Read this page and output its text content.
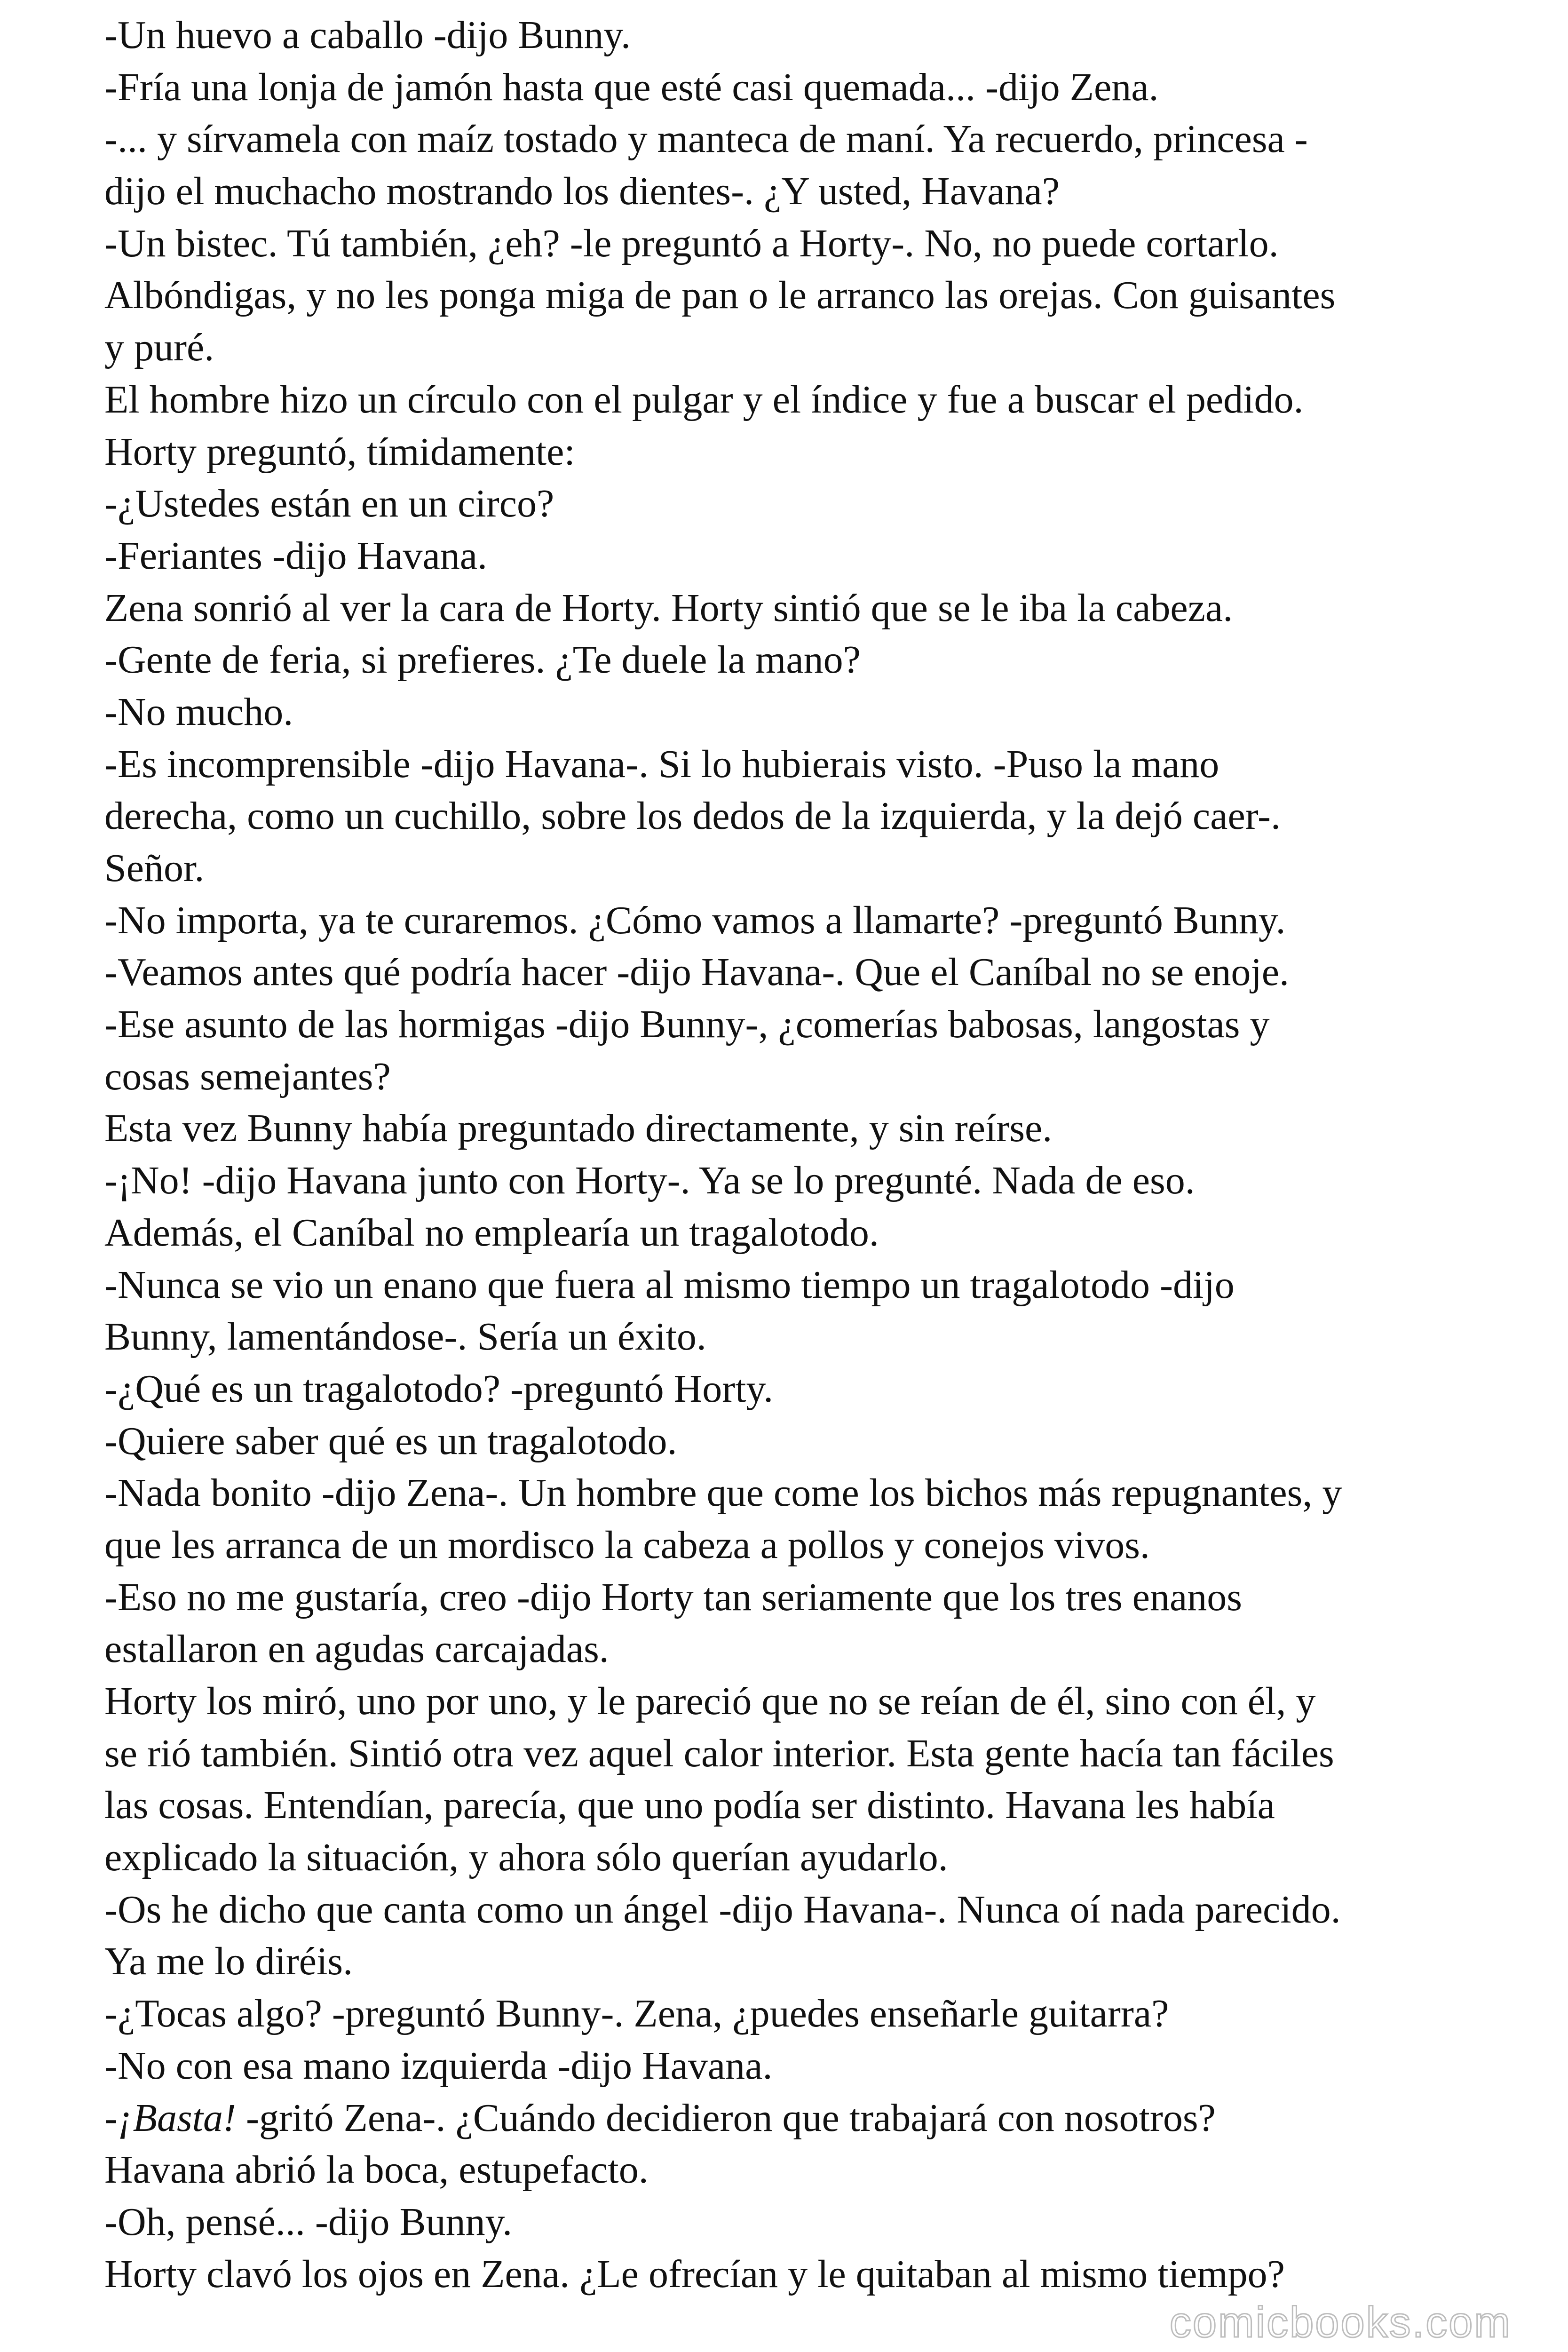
-Un huevo a caballo -dijo Bunny.
-Fría una lonja de jamón hasta que esté casi quemada... -dijo Zena.
-... y sírvamela con maíz tostado y manteca de maní. Ya recuerdo, princesa -
dijo el muchacho mostrando los dientes-. ¿Y usted, Havana?
-Un bistec. Tú también, ¿eh? -le preguntó a Horty-. No, no puede cortarlo.
Albóndigas, y no les ponga miga de pan o le arranco las orejas. Con guisantes
y puré.
El hombre hizo un círculo con el pulgar y el índice y fue a buscar el pedido.
Horty preguntó, tímidamente:
-¿Ustedes están en un circo?
-Feriantes -dijo Havana.
Zena sonrió al ver la cara de Horty. Horty sintió que se le iba la cabeza.
-Gente de feria, si prefieres. ¿Te duele la mano?
-No mucho.
-Es incomprensible -dijo Havana-. Si lo hubierais visto. -Puso la mano
derecha, como un cuchillo, sobre los dedos de la izquierda, y la dejó caer-.
Señor.
-No importa, ya te curaremos. ¿Cómo vamos a llamarte? -preguntó Bunny.
-Veamos antes qué podría hacer -dijo Havana-. Que el Caníbal no se enoje.
-Ese asunto de las hormigas -dijo Bunny-, ¿comerías babosas, langostas y
cosas semejantes?
Esta vez Bunny había preguntado directamente, y sin reírse.
-¡No! -dijo Havana junto con Horty-. Ya se lo pregunté. Nada de eso.
Además, el Caníbal no emplearía un tragalotodo.
-Nunca se vio un enano que fuera al mismo tiempo un tragalotodo -dijo
Bunny, lamentándose-. Sería un éxito.
-¿Qué es un tragalotodo? -preguntó Horty.
-Quiere saber qué es un tragalotodo.
-Nada bonito -dijo Zena-. Un hombre que come los bichos más repugnantes, y
que les arranca de un mordisco la cabeza a pollos y conejos vivos.
-Eso no me gustaría, creo -dijo Horty tan seriamente que los tres enanos
estallaron en agudas carcajadas.
Horty los miró, uno por uno, y le pareció que no se reían de él, sino con él, y
se rió también. Sintió otra vez aquel calor interior. Esta gente hacía tan fáciles
las cosas. Entendían, parecía, que uno podía ser distinto. Havana les había
explicado la situación, y ahora sólo querían ayudarlo.
-Os he dicho que canta como un ángel -dijo Havana-. Nunca oí nada parecido.
Ya me lo diréis.
-¿Tocas algo? -preguntó Bunny-. Zena, ¿puedes enseñarle guitarra?
-No con esa mano izquierda -dijo Havana.
-¡Basta! -gritó Zena-. ¿Cuándo decidieron que trabajará con nosotros?
Havana abrió la boca, estupefacto.
-Oh, pensé... -dijo Bunny.
Horty clavó los ojos en Zena. ¿Le ofrecían y le quitaban al mismo tiempo?
comicbooks.com
